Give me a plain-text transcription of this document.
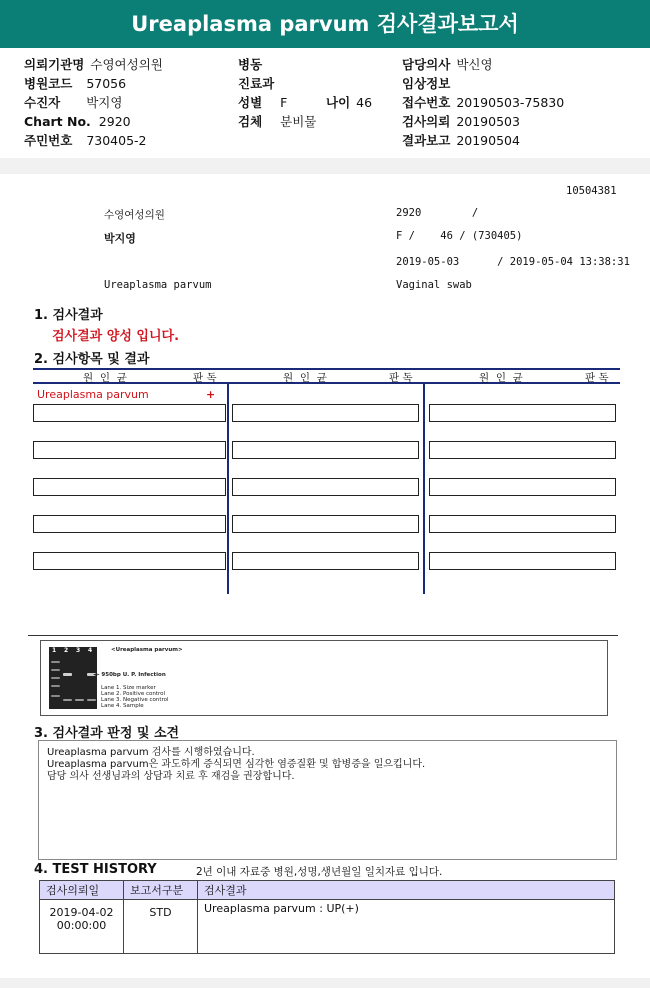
Ureaplasma parvum 검사결과보고서
의뢰기관명 수영여성의원
병원코드 57056
수진자 박지영
Chart No. 2920
주민번호 730405-2
병동
진료과
성별 F	나이 46
검체 분비물
담당의사 박신영
임상정보
접수번호 20190503-75830
검사의뢰 20190503
결과보고 20190504
10504381
수영여성의원	2920        /
박지영	F /    46 / (730405)
2019-05-03      / 2019-05-04 13:38:31
Ureaplasma parvum	Vaginal swab
1. 검사결과
검사결과 양성 입니다.
2. 검사항목 및 결과
원  인  균	판 독	원  인  균	판 독	원  인  균	판 독
Ureaplasma parvum	+
1 2 3 4	<Ureaplasma parvum>
◄- 950bp U. P. Infection
Lane 1. Size marker
Lane 2. Positive control
Lane 3. Negative control
Lane 4. Sample
3. 검사결과 판정 및 소견
Ureaplasma parvum 검사를 시행하였습니다.
Ureaplasma parvum은 과도하게 증식되면 심각한 염증질환 및 합병증을 일으킵니다.
담당 의사 선생님과의 상담과 치료 후 재검을 권장합니다.
4. TEST HISTORY	2년 이내 자료중 병원,성명,생년월일 일치자료 입니다.
검사의뢰일	보고서구분	검사결과

2019-04-02
00:00:00	STD	Ureaplasma parvum : UP(+)
